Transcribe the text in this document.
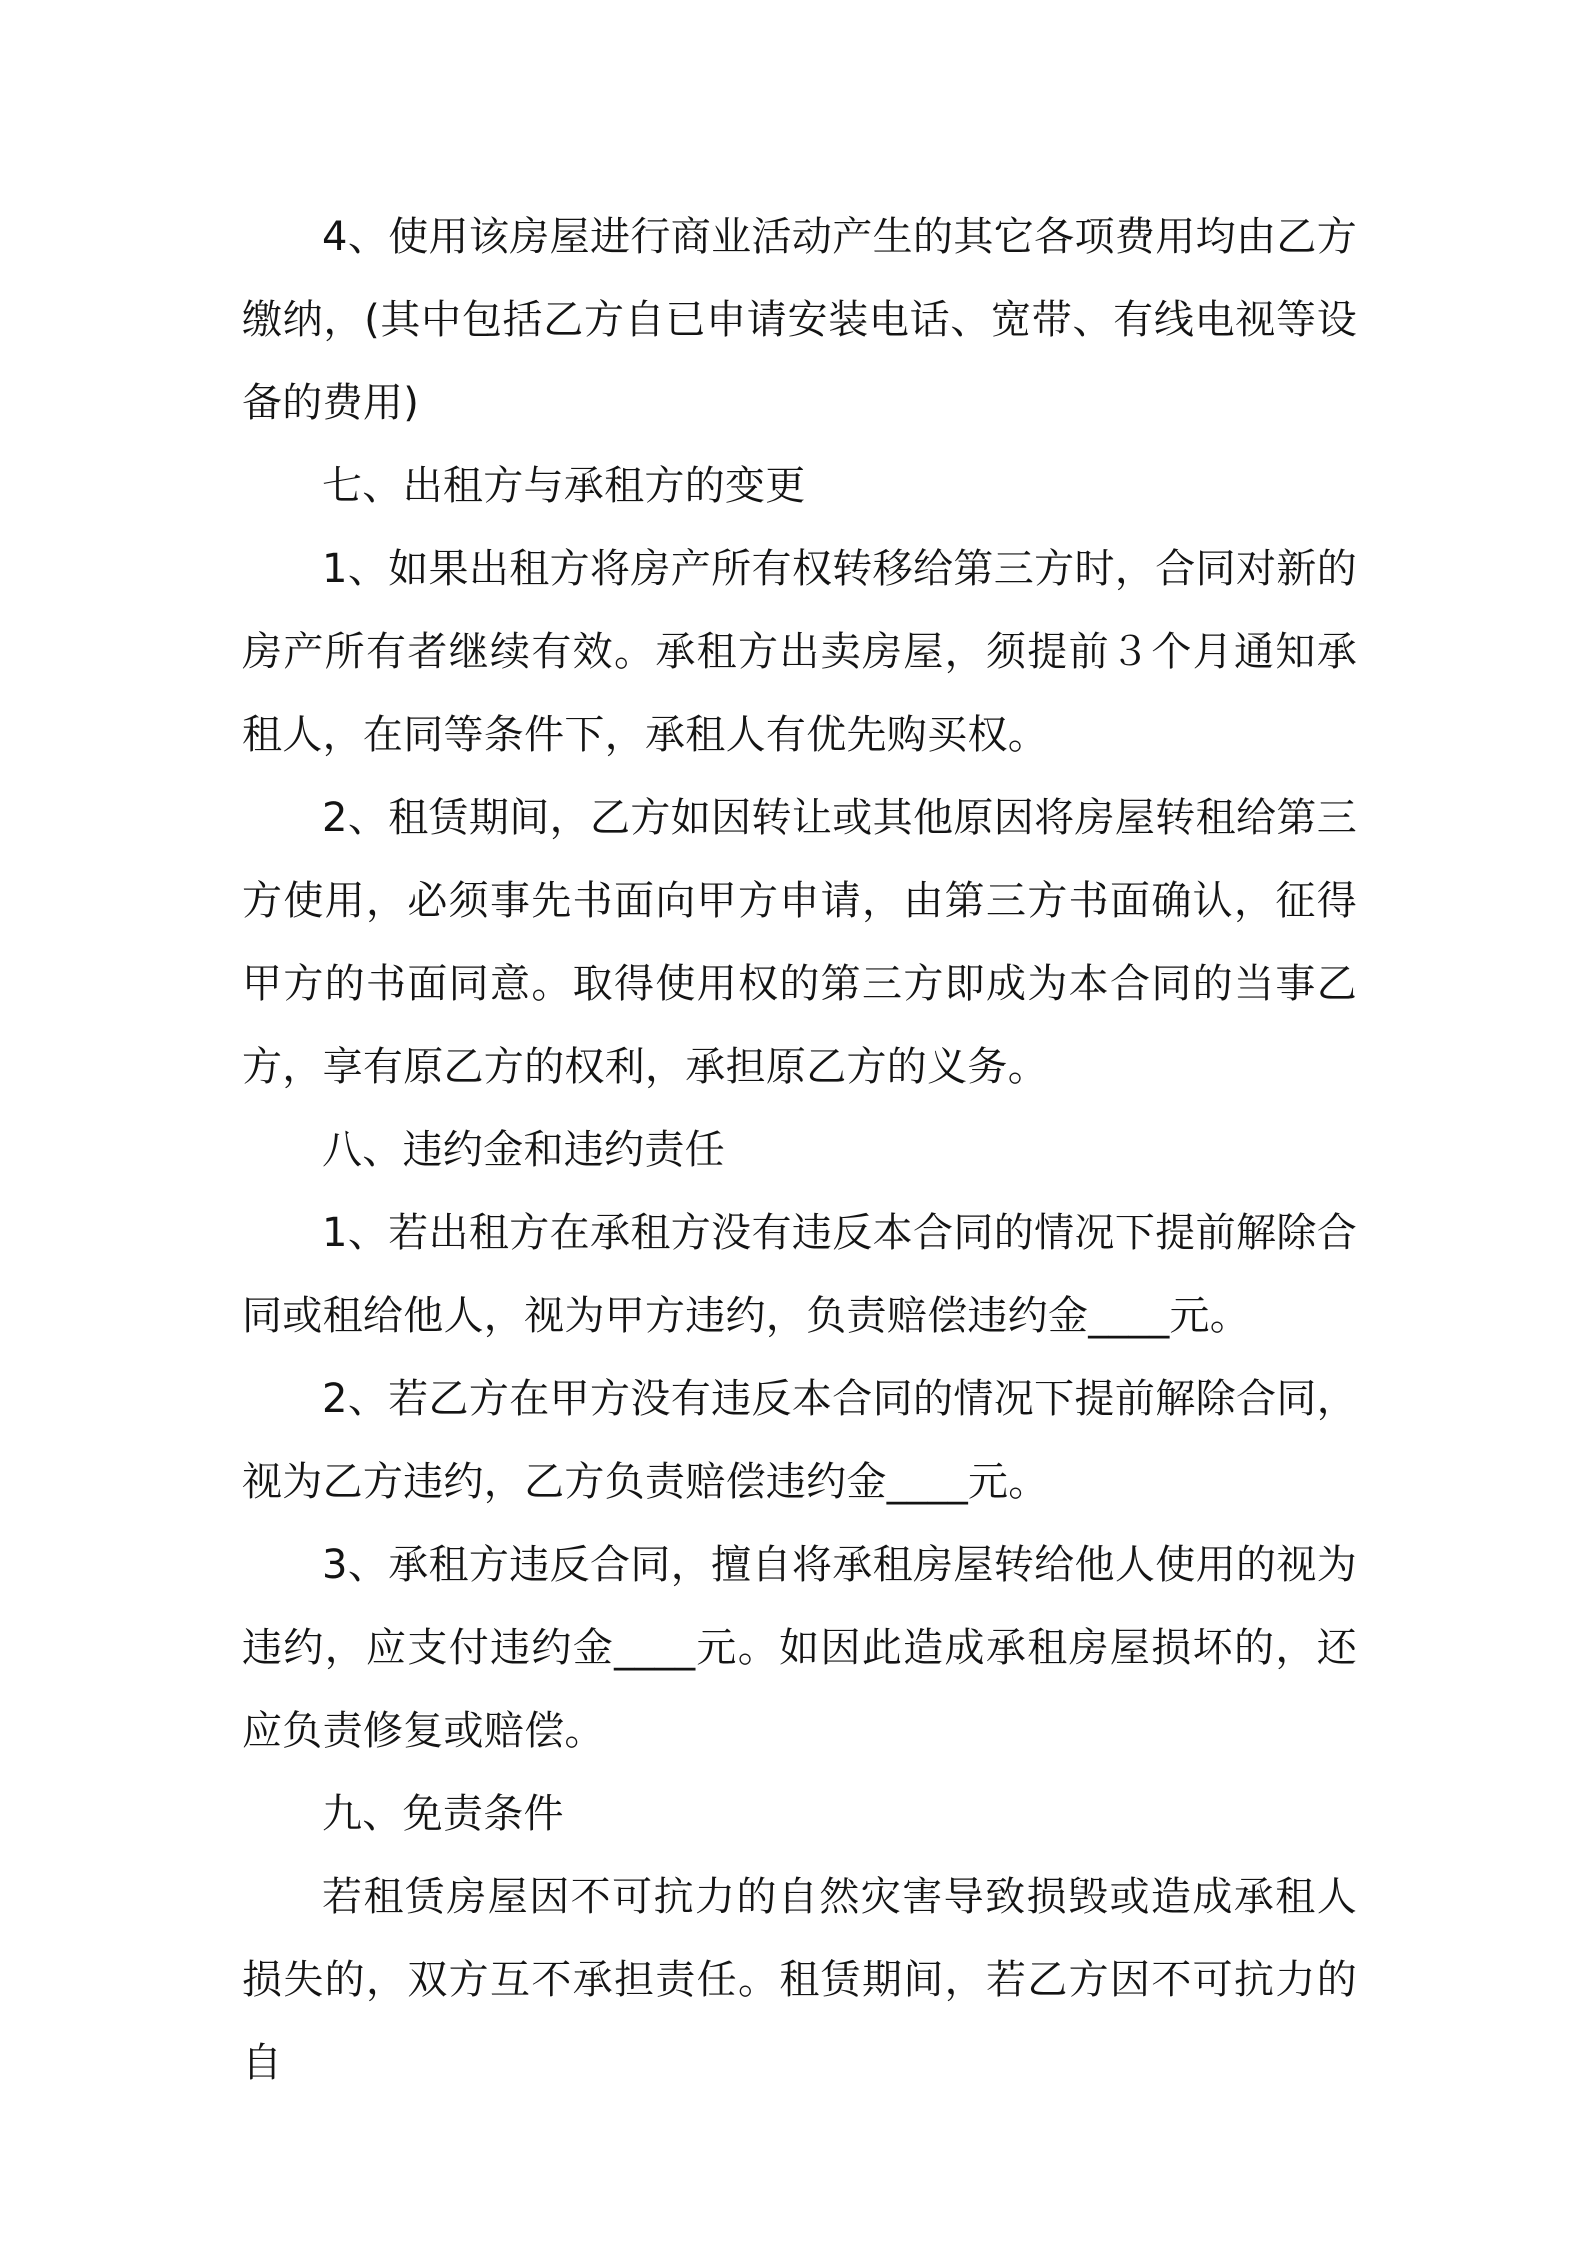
4、使用该房屋进行商业活动产生的其它各项费用均由乙方缴纳，(其中包括乙方自已申请安装电话、宽带、有线电视等设备的费用)

七、出租方与承租方的变更

1、如果出租方将房产所有权转移给第三方时，合同对新的房产所有者继续有效。承租方出卖房屋，须提前３个月通知承租人，在同等条件下，承租人有优先购买权。

2、租赁期间，乙方如因转让或其他原因将房屋转租给第三方使用，必须事先书面向甲方申请，由第三方书面确认，征得甲方的书面同意。取得使用权的第三方即成为本合同的当事乙方，享有原乙方的权利，承担原乙方的义务。

八、违约金和违约责任

1、若出租方在承租方没有违反本合同的情况下提前解除合同或租给他人，视为甲方违约，负责赔偿违约金____元。

2、若乙方在甲方没有违反本合同的情况下提前解除合同，视为乙方违约，乙方负责赔偿违约金____元。

3、承租方违反合同，擅自将承租房屋转给他人使用的视为违约，应支付违约金____元。如因此造成承租房屋损坏的，还应负责修复或赔偿。

九、免责条件

若租赁房屋因不可抗力的自然灾害导致损毁或造成承租人损失的，双方互不承担责任。租赁期间，若乙方因不可抗力的自
